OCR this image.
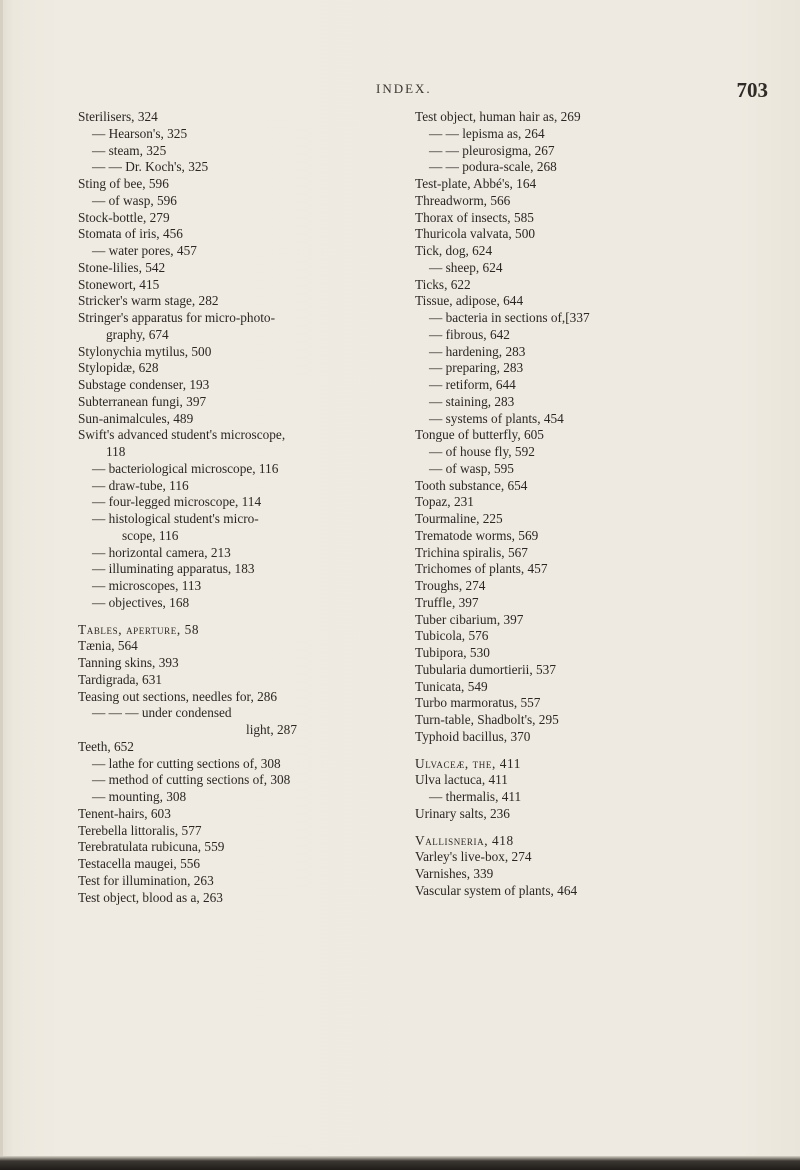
INDEX.	703
Sterilisers, 324
— Hearson's, 325
— steam, 325
— — Dr. Koch's, 325
Sting of bee, 596
— of wasp, 596
Stock-bottle, 279
Stomata of iris, 456
— water pores, 457
Stone-lilies, 542
Stonewort, 415
Stricker's warm stage, 282
Stringer's apparatus for micro-photo-
graphy, 674
Stylonychia mytilus, 500
Stylopidæ, 628
Substage condenser, 193
Subterranean fungi, 397
Sun-animalcules, 489
Swift's advanced student's microscope,
118
— bacteriological microscope, 116
— draw-tube, 116
— four-legged microscope, 114
— histological student's micro-
scope, 116
— horizontal camera, 213
— illuminating apparatus, 183
— microscopes, 113
— objectives, 168
Tables, aperture, 58
Tænia, 564
Tanning skins, 393
Tardigrada, 631
Teasing out sections, needles for, 286
— — — under condensed
light, 287
Teeth, 652
— lathe for cutting sections of, 308
— method of cutting sections of, 308
— mounting, 308
Tenent-hairs, 603
Terebella littoralis, 577
Terebratulata rubicuna, 559
Testacella maugei, 556
Test for illumination, 263
Test object, blood as a, 263
Test object, human hair as, 269
— — lepisma as, 264
— — pleurosigma, 267
— — podura-scale, 268
Test-plate, Abbé's, 164
Threadworm, 566
Thorax of insects, 585
Thuricola valvata, 500
Tick, dog, 624
— sheep, 624
Ticks, 622
Tissue, adipose, 644
— bacteria in sections of,[337
— fibrous, 642
— hardening, 283
— preparing, 283
— retiform, 644
— staining, 283
— systems of plants, 454
Tongue of butterfly, 605
— of house fly, 592
— of wasp, 595
Tooth substance, 654
Topaz, 231
Tourmaline, 225
Trematode worms, 569
Trichina spiralis, 567
Trichomes of plants, 457
Troughs, 274
Truffle, 397
Tuber cibarium, 397
Tubicola, 576
Tubipora, 530
Tubularia dumortierii, 537
Tunicata, 549
Turbo marmoratus, 557
Turn-table, Shadbolt's, 295
Typhoid bacillus, 370
Ulvaceæ, the, 411
Ulva lactuca, 411
— thermalis, 411
Urinary salts, 236
Vallisneria, 418
Varley's live-box, 274
Varnishes, 339
Vascular system of plants, 464
